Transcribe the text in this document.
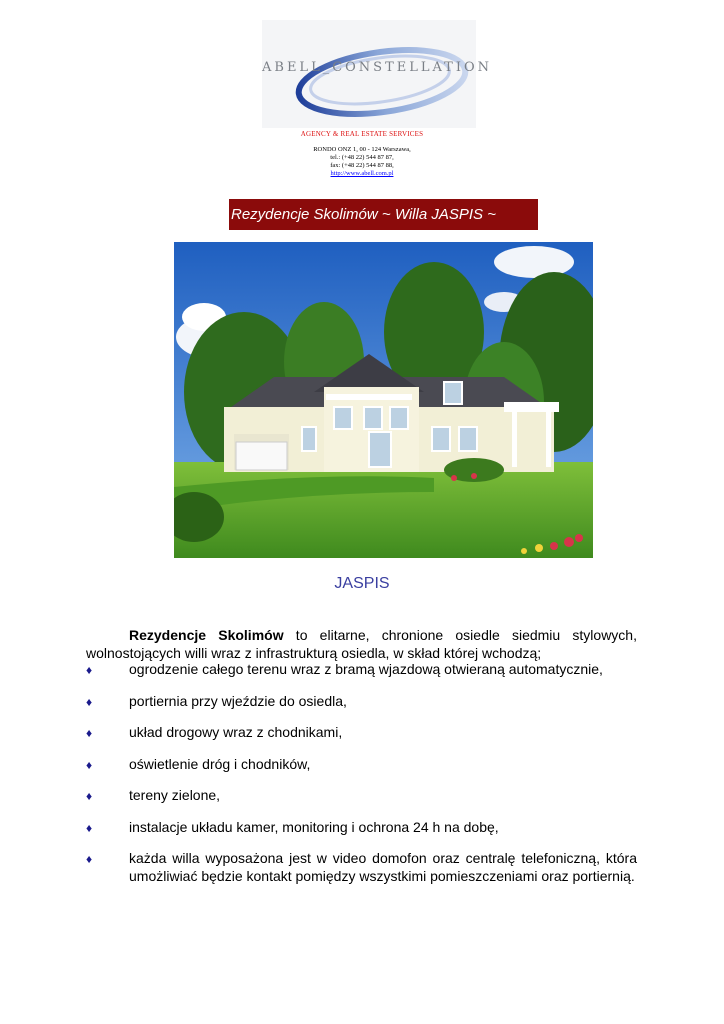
ABELL_CONSTELLATION
AGENCY & REAL ESTATE SERVICES
RONDO ONZ 1, 00 - 124 Warszawa,
tel.: (+48 22) 544 87 87,
fax: (+48 22) 544 87 88,
http://www.abell.com.pl
Rezydencje Skolimów ~ Willa JASPIS ~
JASPIS

Rezydencje Skolimów to elitarne, chronione osiedle siedmiu stylowych, wolnostojących willi wraz z infrastrukturą osiedla, w skład której wchodzą;

♦	ogrodzenie całego terenu wraz z bramą wjazdową otwieraną automatycznie,
♦	portiernia przy wjeździe do osiedla,
♦	układ drogowy wraz z chodnikami,
♦	oświetlenie dróg i chodników,
♦	tereny zielone,
♦	instalacje układu kamer, monitoring i ochrona 24 h na dobę,
♦	każda willa wyposażona jest w video domofon oraz centralę telefoniczną, która umożliwiać będzie kontakt pomiędzy wszystkimi pomieszczeniami oraz portiernią.
